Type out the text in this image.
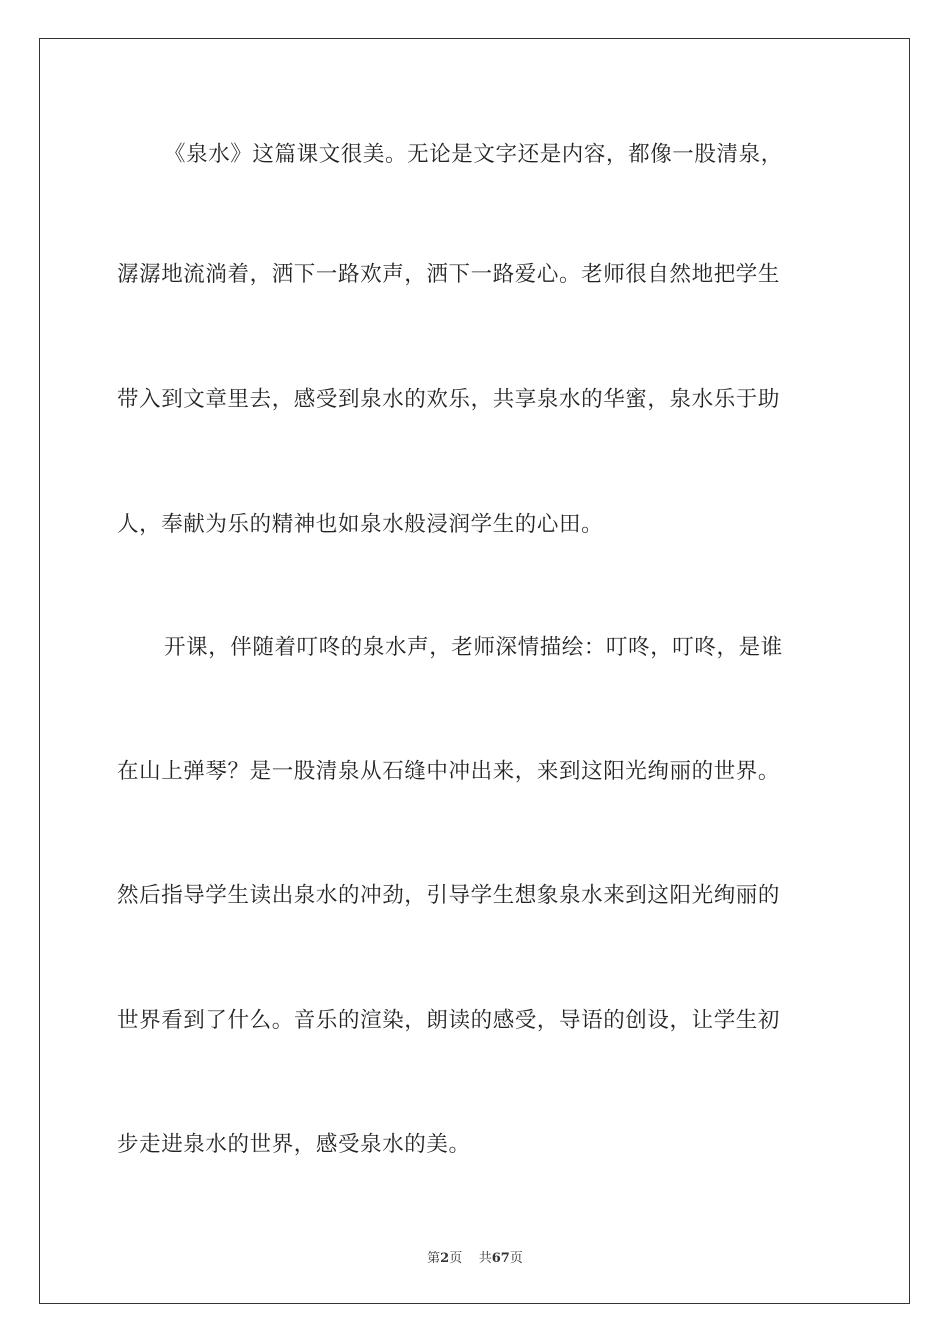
《泉水》这篇课文很美。无论是文字还是内容，都像一股清泉，
潺潺地流淌着，洒下一路欢声，洒下一路爱心。老师很自然地把学生
带入到文章里去，感受到泉水的欢乐，共享泉水的华蜜，泉水乐于助
人，奉献为乐的精神也如泉水般浸润学生的心田。
开课，伴随着叮咚的泉水声，老师深情描绘：叮咚，叮咚，是谁
在山上弹琴？是一股清泉从石缝中冲出来，来到这阳光绚丽的世界。
然后指导学生读出泉水的冲劲，引导学生想象泉水来到这阳光绚丽的
世界看到了什么。音乐的渲染，朗读的感受，导语的创设，让学生初
步走进泉水的世界，感受泉水的美。
第2页 共67页
